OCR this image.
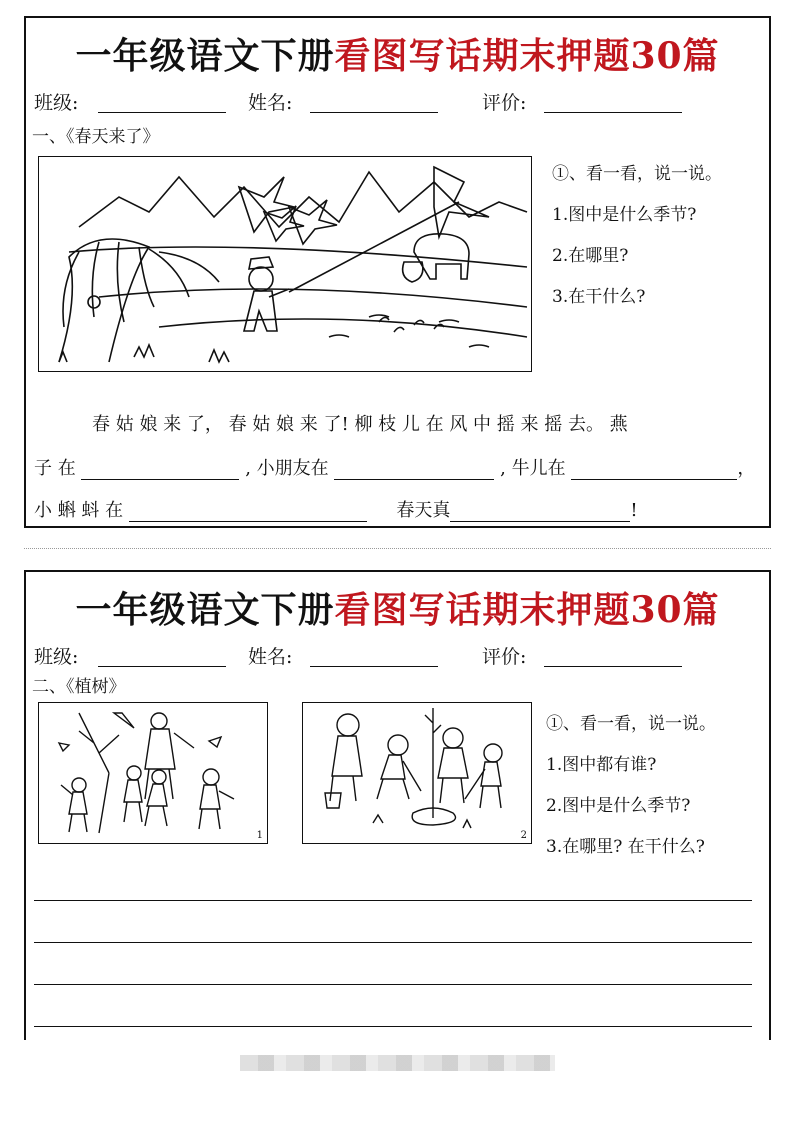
一年级语文下册看图写话期末押题30篇
班级:	姓名:	评价:
一、《春天来了》
①、看一看，说一说。
1.图中是什么季节?
2.在哪里?
3.在干什么?
春 姑 娘 来 了， 春 姑 娘 来 了! 柳 枝 儿 在 风 中 摇 来 摇 去。 燕
子 在	, 小朋友在	, 牛儿在	，
小 蝌 蚪 在	春天真	!
一年级语文下册看图写话期末押题30篇
班级:	姓名:	评价:
二、《植树》
1	2
①、看一看，说一说。
1.图中都有谁?
2.图中是什么季节?
3.在哪里? 在干什么?
